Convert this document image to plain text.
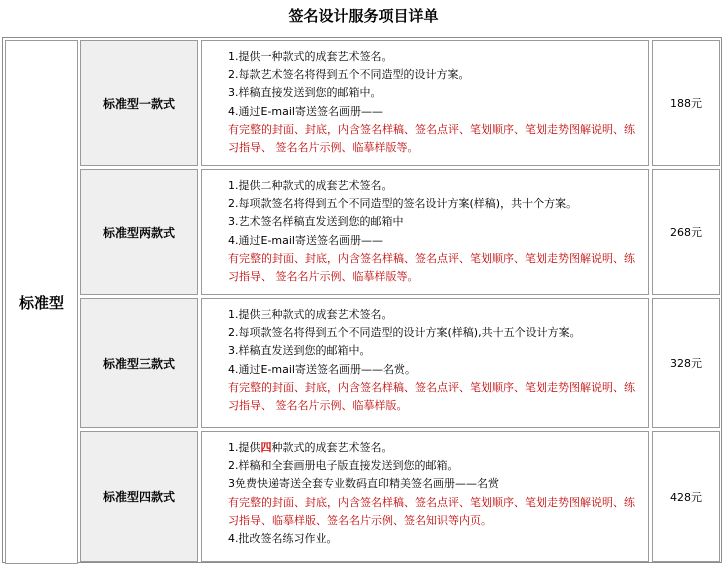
签名设计服务项目详单
标准型
标准型一款式
1.提供一种款式的成套艺术签名。
2.每款艺术签名将得到五个不同造型的设计方案。
3.样稿直接发送到您的邮箱中。
4.通过E-mail寄送签名画册——
有完整的封面、封底，内含签名样稿、签名点评、笔划顺序、笔划走势图解说明、练习指导、 签名名片示例、临摹样版等。
188元
标准型两款式
1.提供二种款式的成套艺术签名。
2.每项款签名将得到五个不同造型的签名设计方案(样稿)，共十个方案。
3.艺术签名样稿直发送到您的邮箱中
4.通过E-mail寄送签名画册——
有完整的封面、封底，内含签名样稿、签名点评、笔划顺序、笔划走势图解说明、练习指导、 签名名片示例、临摹样版等。
268元
标准型三款式
1.提供三种款式的成套艺术签名。
2.每项款签名将得到五个不同造型的设计方案(样稿),共十五个设计方案。
3.样稿直发送到您的邮箱中。
4.通过E-mail寄送签名画册——名赏。
有完整的封面、封底，内含签名样稿、签名点评、笔划顺序、笔划走势图解说明、练习指导、 签名名片示例、临摹样版。
328元
标准型四款式
1.提供四种款式的成套艺术签名。
2.样稿和全套画册电子版直接发送到您的邮箱。
3免费快递寄送全套专业数码直印精美签名画册——名赏
有完整的封面、封底，内含签名样稿、签名点评、笔划顺序、笔划走势图解说明、练习指导、临摹样版、签名名片示例、签名知识等内页。
4.批改签名练习作业。
428元
